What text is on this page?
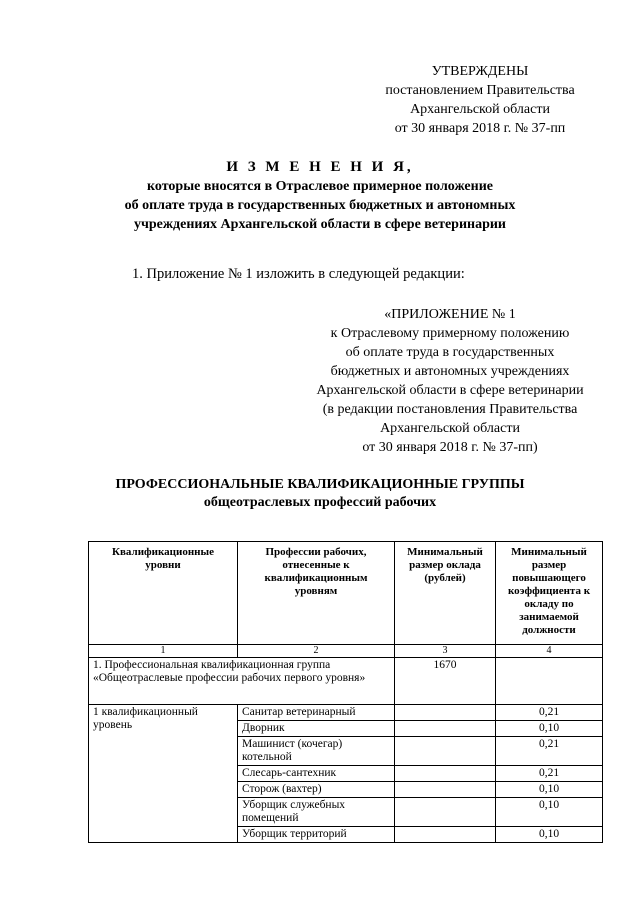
УТВЕРЖДЕНЫ
постановлением Правительства
Архангельской области
от 30 января 2018 г. № 37-пп
И З М Е Н Е Н И Я,
которые вносятся в Отраслевое примерное положение
об оплате труда в государственных бюджетных и автономных
учреждениях Архангельской области в сфере ветеринарии
1. Приложение № 1 изложить в следующей редакции:
«ПРИЛОЖЕНИЕ № 1
к Отраслевому примерному положению
об оплате труда в государственных
бюджетных и автономных учреждениях
Архангельской области в сфере ветеринарии
(в редакции постановления Правительства
Архангельской области
от 30 января 2018 г. № 37-пп)
ПРОФЕССИОНАЛЬНЫЕ КВАЛИФИКАЦИОННЫЕ ГРУППЫ
общеотраслевых профессий рабочих
Квалификационные уровни	Профессии рабочих, отнесенные к квалификационным уровням	Минимальный размер оклада (рублей)	Минимальный размер повышающего коэффициента к окладу по занимаемой должности
1	2	3	4
1. Профессиональная квалификационная группа «Общеотраслевые профессии рабочих первого уровня»		1670	
1 квалификационный уровень	Санитар ветеринарный		0,21
	Дворник		0,10
	Машинист (кочегар) котельной		0,21
	Слесарь-сантехник		0,21
	Сторож (вахтер)		0,10
	Уборщик служебных помещений		0,10
	Уборщик территорий		0,10
